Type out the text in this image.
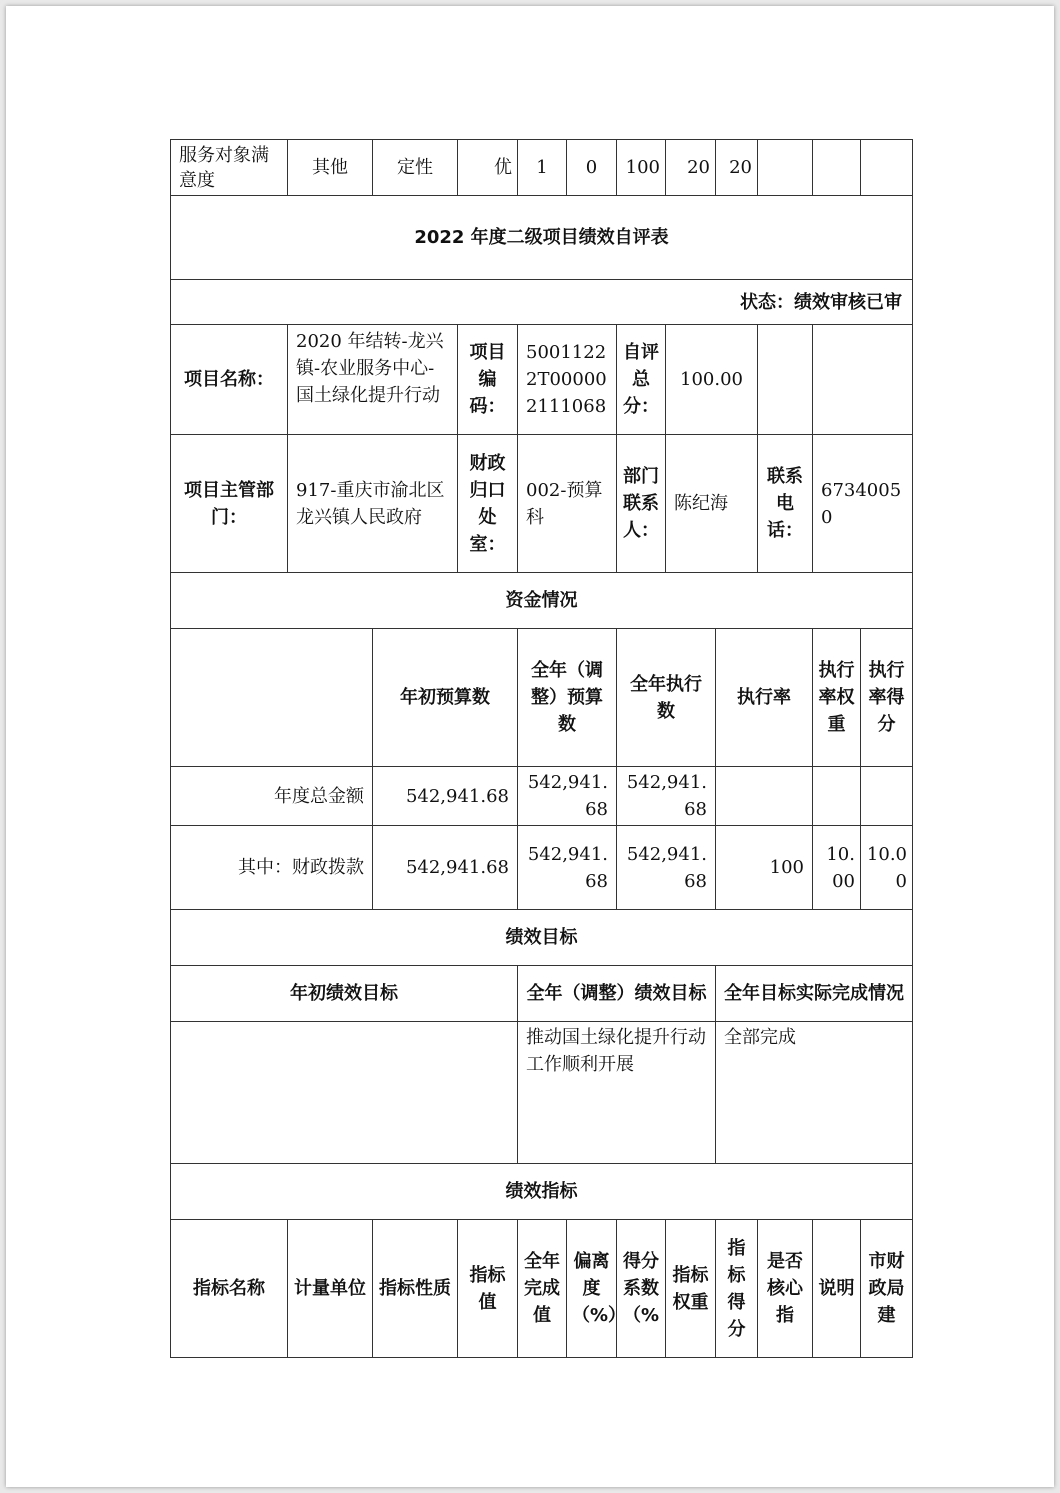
服务对象满意度	其他	定性	优	1	0	100	20	20			
2022 年度二级项目绩效自评表											
状态：绩效审核已审											
项目名称：	2020 年结转-龙兴镇-农业服务中心-国土绿化提升行动		项目编码：	50011222T000002111068		自评总分：	100.00				
项目主管部门：	917-重庆市渝北区龙兴镇人民政府		财政归口处室：	002-预算科		部门联系人：	陈纪海		联系电话：	67340050	
资金情况											
		年初预算数		全年（调整）预算数		全年执行数		执行率		执行率权重	执行率得分
年度总金额		542,941.68		542,941.68		542,941.68					
其中：财政拨款		542,941.68		542,941.68		542,941.68		100		10.00	10.00
绩效目标											
年初绩效目标				全年（调整）绩效目标				全年目标实际完成情况			
				推动国土绿化提升行动工作顺利开展				全部完成			
绩效指标											
指标名称	计量单位	指标性质	指标值	全年完成值	偏离度（%）	得分系数（%	指标权重	指标得分	是否核心指	说明	市财政局建
